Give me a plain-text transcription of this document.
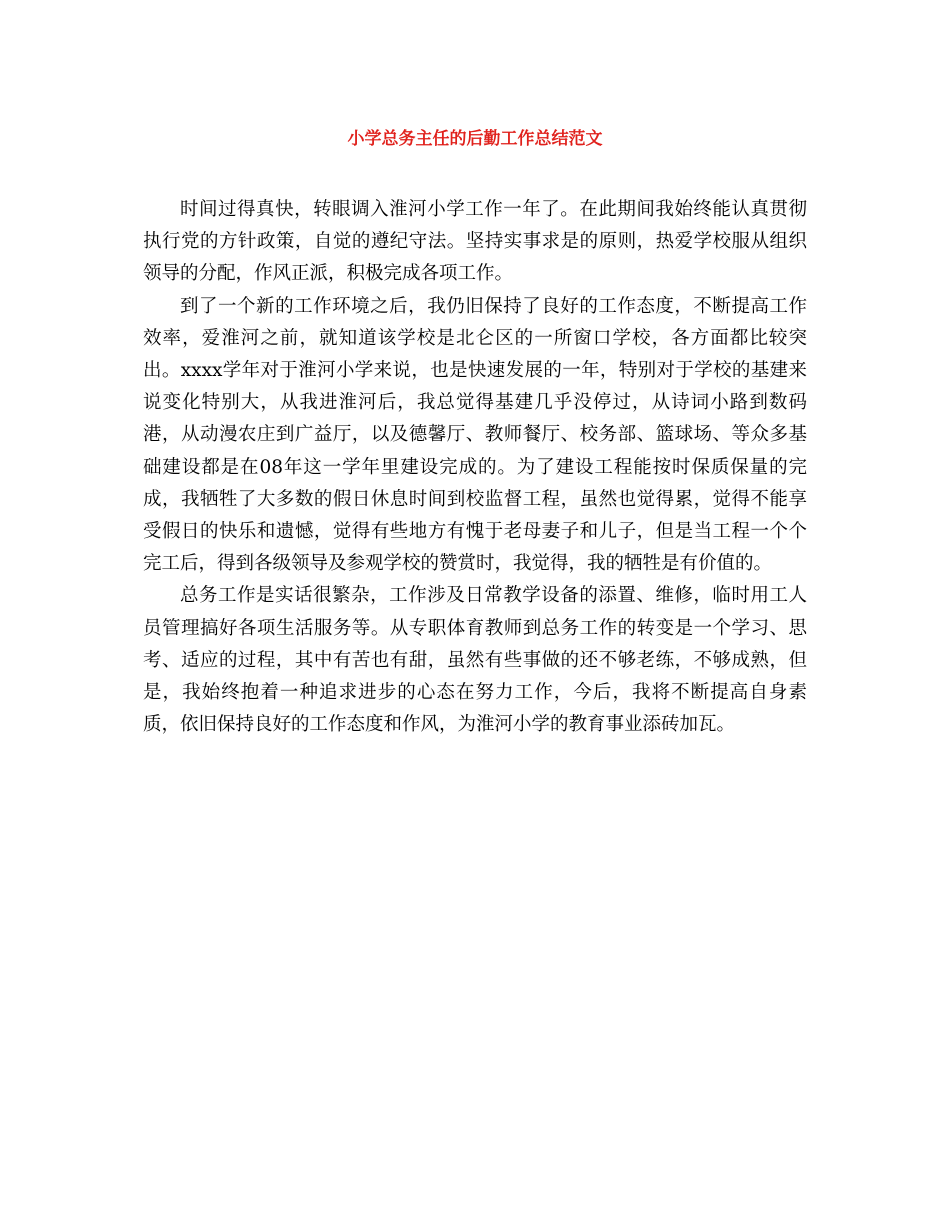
小学总务主任的后勤工作总结范文

时间过得真快，转眼调入淮河小学工作一年了。在此期间我始终能认真贯彻执行党的方针政策，自觉的遵纪守法。坚持实事求是的原则，热爱学校服从组织领导的分配，作风正派，积极完成各项工作。

到了一个新的工作环境之后，我仍旧保持了良好的工作态度，不断提高工作效率，爱淮河之前，就知道该学校是北仑区的一所窗口学校，各方面都比较突出。xxxx学年对于淮河小学来说，也是快速发展的一年，特别对于学校的基建来说变化特别大，从我进淮河后，我总觉得基建几乎没停过，从诗词小路到数码港，从动漫农庄到广益厅，以及德馨厅、教师餐厅、校务部、篮球场、等众多基础建设都是在08年这一学年里建设完成的。为了建设工程能按时保质保量的完成，我牺牲了大多数的假日休息时间到校监督工程，虽然也觉得累，觉得不能享受假日的快乐和遗憾，觉得有些地方有愧于老母妻子和儿子，但是当工程一个个完工后，得到各级领导及参观学校的赞赏时，我觉得，我的牺牲是有价值的。

总务工作是实话很繁杂，工作涉及日常教学设备的添置、维修，临时用工人员管理搞好各项生活服务等。从专职体育教师到总务工作的转变是一个学习、思考、适应的过程，其中有苦也有甜，虽然有些事做的还不够老练，不够成熟，但是，我始终抱着一种追求进步的心态在努力工作，今后，我将不断提高自身素质，依旧保持良好的工作态度和作风，为淮河小学的教育事业添砖加瓦。
